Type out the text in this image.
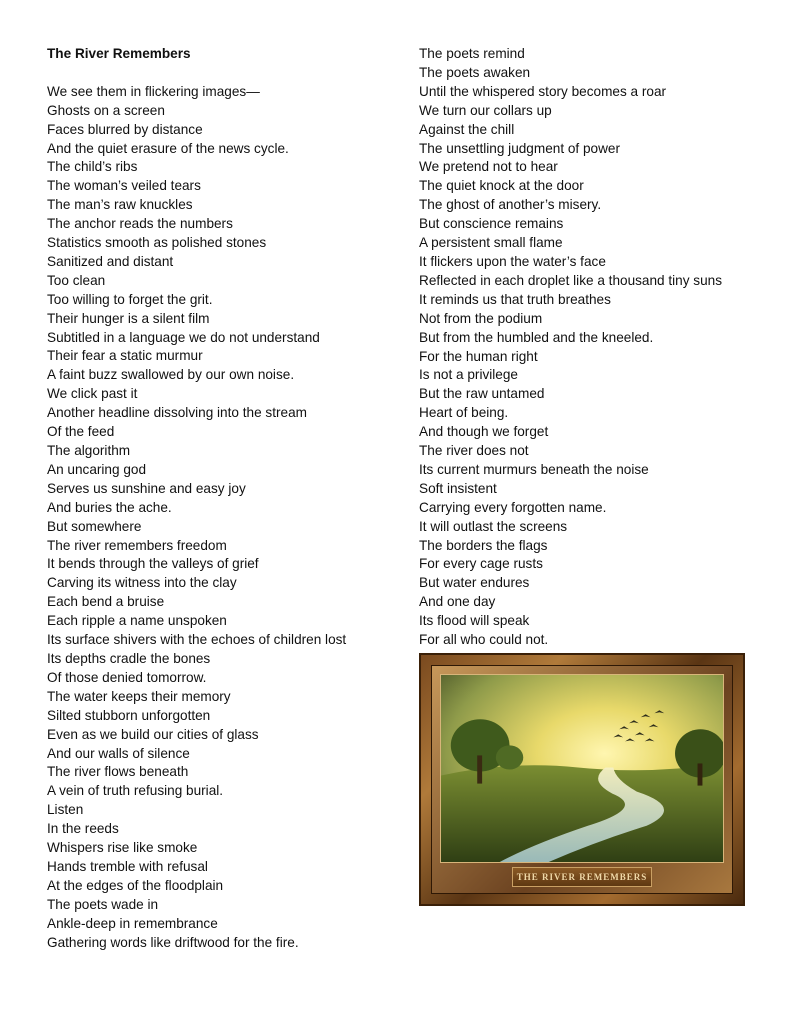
The River Remembers
We see them in flickering images—
Ghosts on a screen
Faces blurred by distance
And the quiet erasure of the news cycle.
The child’s ribs
The woman’s veiled tears
The man’s raw knuckles
The anchor reads the numbers
Statistics smooth as polished stones
Sanitized and distant
Too clean
Too willing to forget the grit.
Their hunger is a silent film
Subtitled in a language we do not understand
Their fear a static murmur
A faint buzz swallowed by our own noise.
We click past it
Another headline dissolving into the stream
Of the feed
The algorithm
An uncaring god
Serves us sunshine and easy joy
And buries the ache.
But somewhere
The river remembers freedom
It bends through the valleys of grief
Carving its witness into the clay
Each bend a bruise
Each ripple a name unspoken
Its surface shivers with the echoes of children lost
Its depths cradle the bones
Of those denied tomorrow.
The water keeps their memory
Silted stubborn unforgotten
Even as we build our cities of glass
And our walls of silence
The river flows beneath
A vein of truth refusing burial.
Listen
In the reeds
Whispers rise like smoke
Hands tremble with refusal
At the edges of the floodplain
The poets wade in
Ankle-deep in remembrance
Gathering words like driftwood for the fire.
The poets remind
The poets awaken
Until the whispered story becomes a roar
We turn our collars up
Against the chill
The unsettling judgment of power
We pretend not to hear
The quiet knock at the door
The ghost of another’s misery.
But conscience remains
A persistent small flame
It flickers upon the water’s face
Reflected in each droplet like a thousand tiny suns
It reminds us that truth breathes
Not from the podium
But from the humbled and the kneeled.
For the human right
Is not a privilege
But the raw untamed
Heart of being.
And though we forget
The river does not
Its current murmurs beneath the noise
Soft insistent
Carrying every forgotten name.
It will outlast the screens
The borders the flags
For every cage rusts
But water endures
And one day
Its flood will speak
For all who could not.
THE RIVER REMEMBERS
